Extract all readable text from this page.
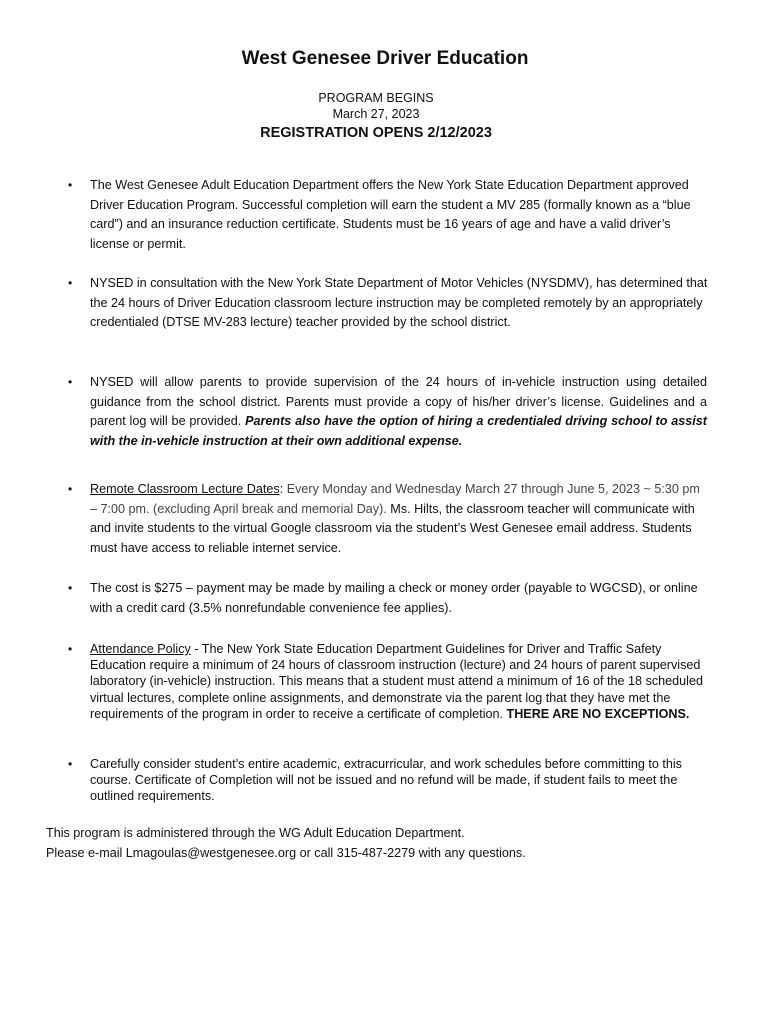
West Genesee Driver Education
PROGRAM BEGINS
March 27, 2023
REGISTRATION OPENS 2/12/2023
• The West Genesee Adult Education Department offers the New York State Education Department approved Driver Education Program. Successful completion will earn the student a MV 285 (formally known as a “blue card”) and an insurance reduction certificate. Students must be 16 years of age and have a valid driver’s license or permit.
• NYSED in consultation with the New York State Department of Motor Vehicles (NYSDMV), has determined that the 24 hours of Driver Education classroom lecture instruction may be completed remotely by an appropriately credentialed (DTSE MV-283 lecture) teacher provided by the school district.
• NYSED will allow parents to provide supervision of the 24 hours of in-vehicle instruction using detailed guidance from the school district. Parents must provide a copy of his/her driver’s license. Guidelines and a parent log will be provided. Parents also have the option of hiring a credentialed driving school to assist with the in-vehicle instruction at their own additional expense.
• Remote Classroom Lecture Dates: Every Monday and Wednesday March 27 through June 5, 2023 ~ 5:30 pm – 7:00 pm. (excluding April break and memorial Day). Ms. Hilts, the classroom teacher will communicate with and invite students to the virtual Google classroom via the student’s West Genesee email address. Students must have access to reliable internet service.
• The cost is $275 – payment may be made by mailing a check or money order (payable to WGCSD), or online with a credit card (3.5% nonrefundable convenience fee applies).
• Attendance Policy - The New York State Education Department Guidelines for Driver and Traffic Safety Education require a minimum of 24 hours of classroom instruction (lecture) and 24 hours of parent supervised laboratory (in-vehicle) instruction. This means that a student must attend a minimum of 16 of the 18 scheduled virtual lectures, complete online assignments, and demonstrate via the parent log that they have met the requirements of the program in order to receive a certificate of completion. THERE ARE NO EXCEPTIONS.
• Carefully consider student’s entire academic, extracurricular, and work schedules before committing to this course. Certificate of Completion will not be issued and no refund will be made, if student fails to meet the outlined requirements.
This program is administered through the WG Adult Education Department.
Please e-mail Lmagoulas@westgenesee.org or call 315-487-2279 with any questions.
